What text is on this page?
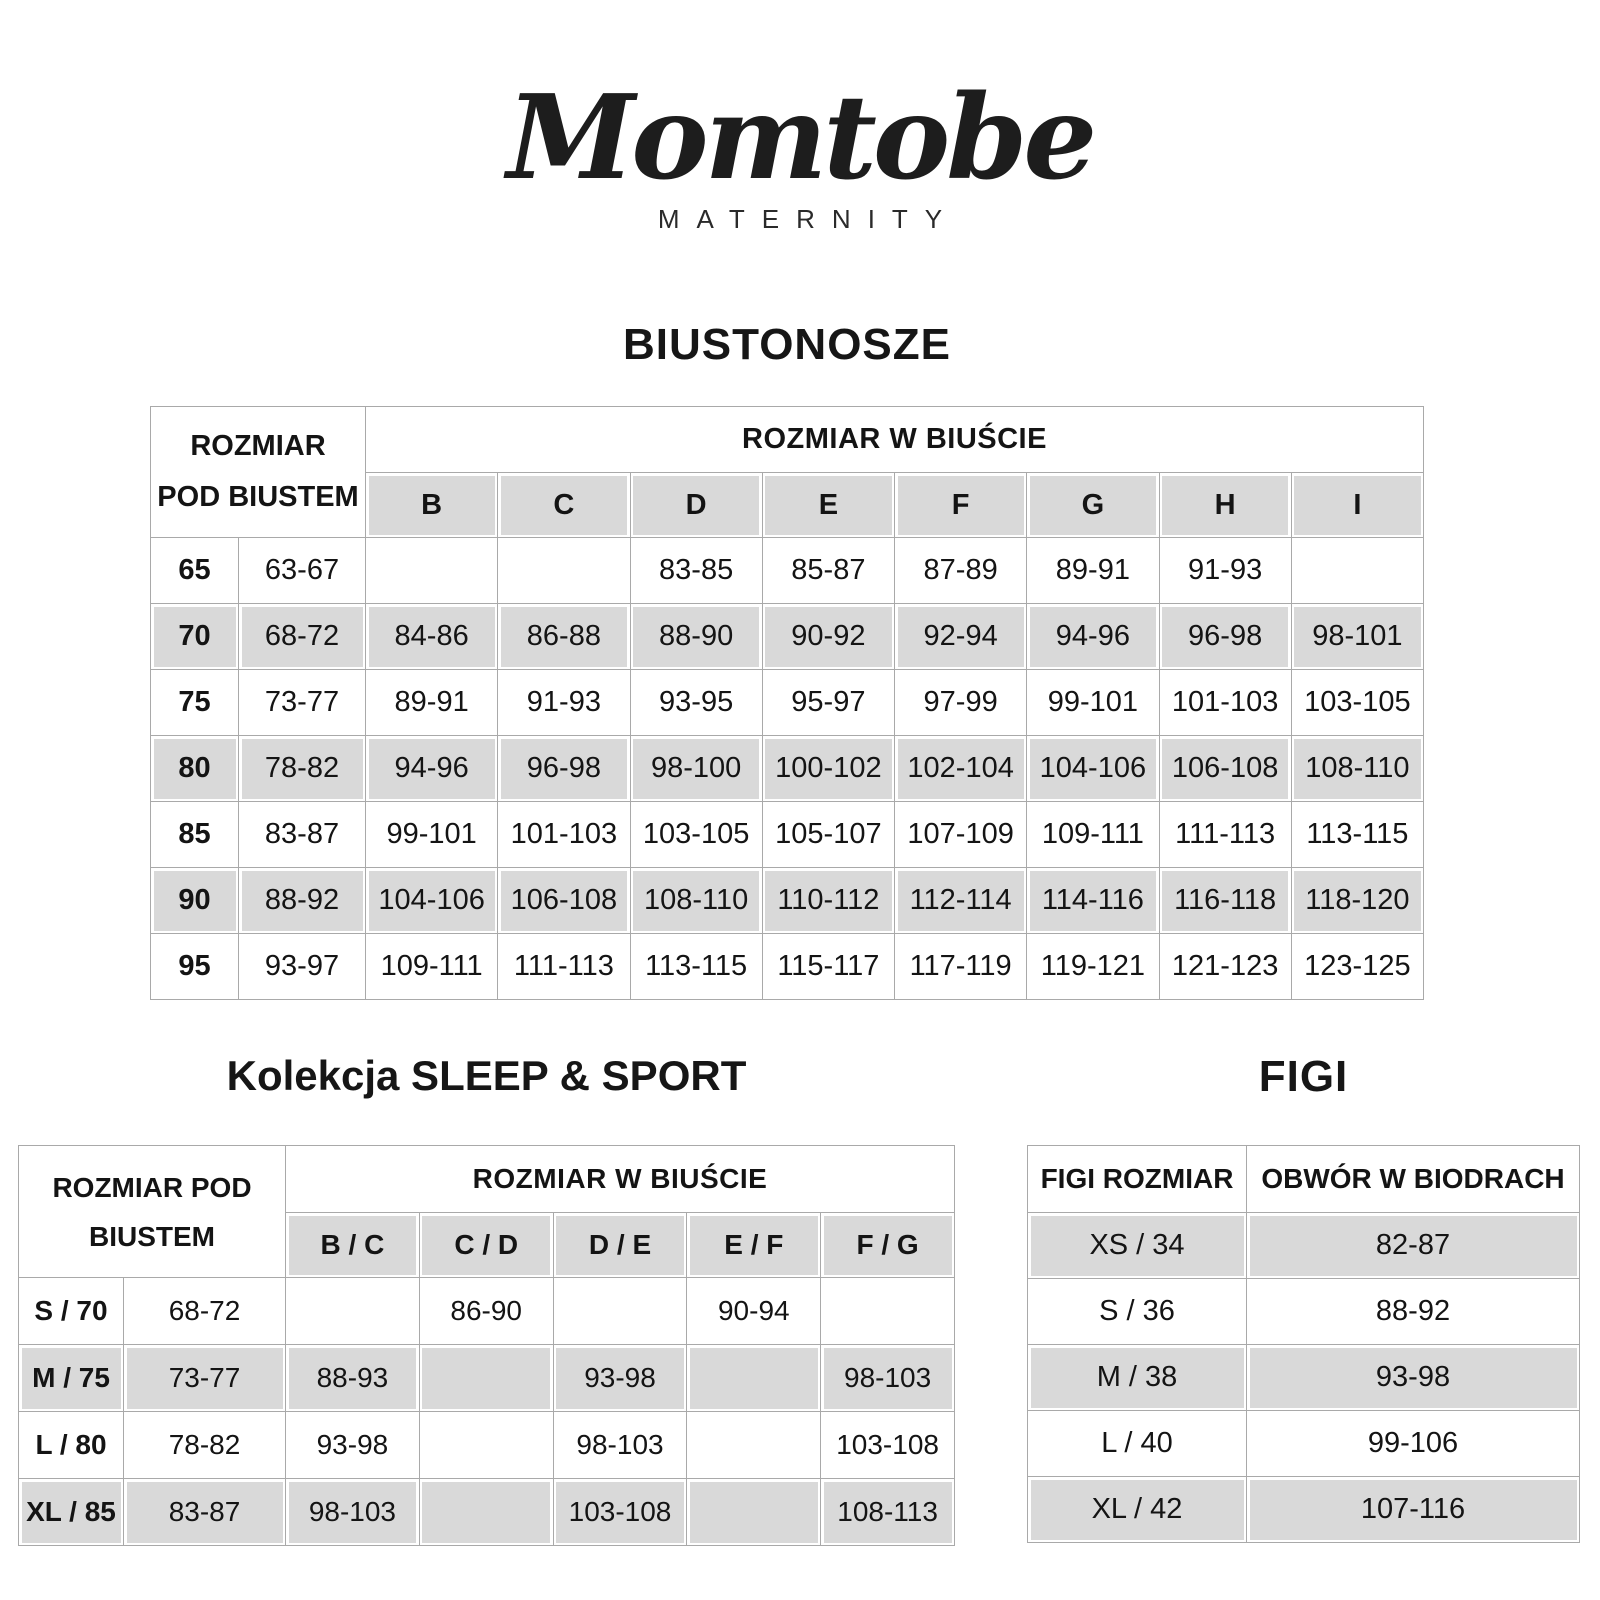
Momtobe
MATERNITY
BIUSTONOSZE
ROZMIAR
POD BIUSTEM		ROZMIAR W BIUŚCIE							
		B	C	D	E	F	G	H	I
65	63-67			83-85	85-87	87-89	89-91	91-93	
70	68-72	84-86	86-88	88-90	90-92	92-94	94-96	96-98	98-101
75	73-77	89-91	91-93	93-95	95-97	97-99	99-101	101-103	103-105
80	78-82	94-96	96-98	98-100	100-102	102-104	104-106	106-108	108-110
85	83-87	99-101	101-103	103-105	105-107	107-109	109-111	111-113	113-115
90	88-92	104-106	106-108	108-110	110-112	112-114	114-116	116-118	118-120
95	93-97	109-111	111-113	113-115	115-117	117-119	119-121	121-123	123-125
Kolekcja SLEEP & SPORT
ROZMIAR POD
BIUSTEM		ROZMIAR W BIUŚCIE				
		B / C	C / D	D / E	E / F	F / G
S / 70	68-72		86-90		90-94	
M / 75	73-77	88-93		93-98		98-103
L / 80	78-82	93-98		98-103		103-108
XL / 85	83-87	98-103		103-108		108-113
FIGI
FIGI ROZMIAR	OBWÓR W BIODRACH
XS / 34	82-87
S / 36	88-92
M / 38	93-98
L / 40	99-106
XL / 42	107-116
